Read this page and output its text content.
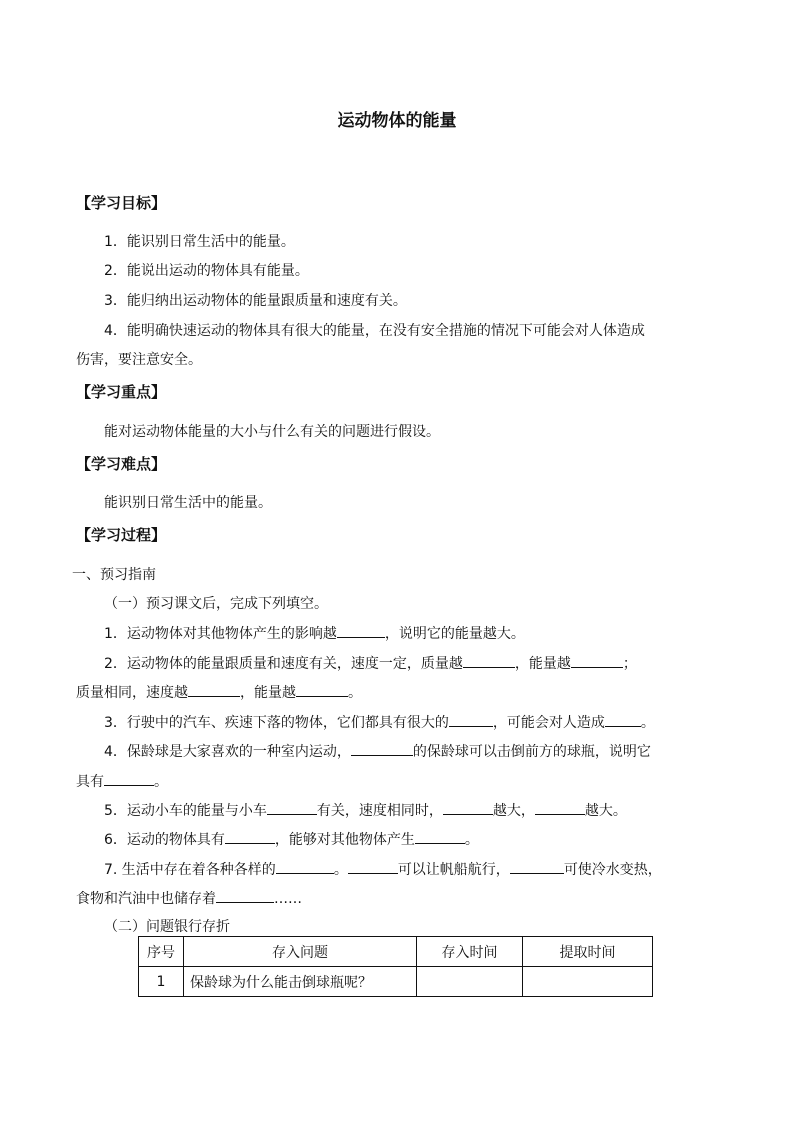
运动物体的能量
【学习目标】
1．能识别日常生活中的能量。
2．能说出运动的物体具有能量。
3．能归纳出运动物体的能量跟质量和速度有关。
4．能明确快速运动的物体具有很大的能量，在没有安全措施的情况下可能会对人体造成
伤害，要注意安全。
【学习重点】
能对运动物体能量的大小与什么有关的问题进行假设。
【学习难点】
能识别日常生活中的能量。
【学习过程】
一、预习指南
（一）预习课文后，完成下列填空。
1．运动物体对其他物体产生的影响越	，说明它的能量越大。
2．运动物体的能量跟质量和速度有关，速度一定，质量越	，能量越	；
质量相同，速度越	，能量越	。
3．行驶中的汽车、疾速下落的物体，它们都具有很大的	，可能会对人造成	。
4．保龄球是大家喜欢的一种室内运动，	的保龄球可以击倒前方的球瓶，说明它
具有	。
5．运动小车的能量与小车	有关，速度相同时，	越大，	越大。
6．运动的物体具有	，能够对其他物体产生	。
7. 生活中存在着各种各样的	。	可以让帆船航行，	可使冷水变热，
食物和汽油中也储存着	……
（二）问题银行存折
序号	存入问题	存入时间	提取时间
1	保龄球为什么能击倒球瓶呢？		
